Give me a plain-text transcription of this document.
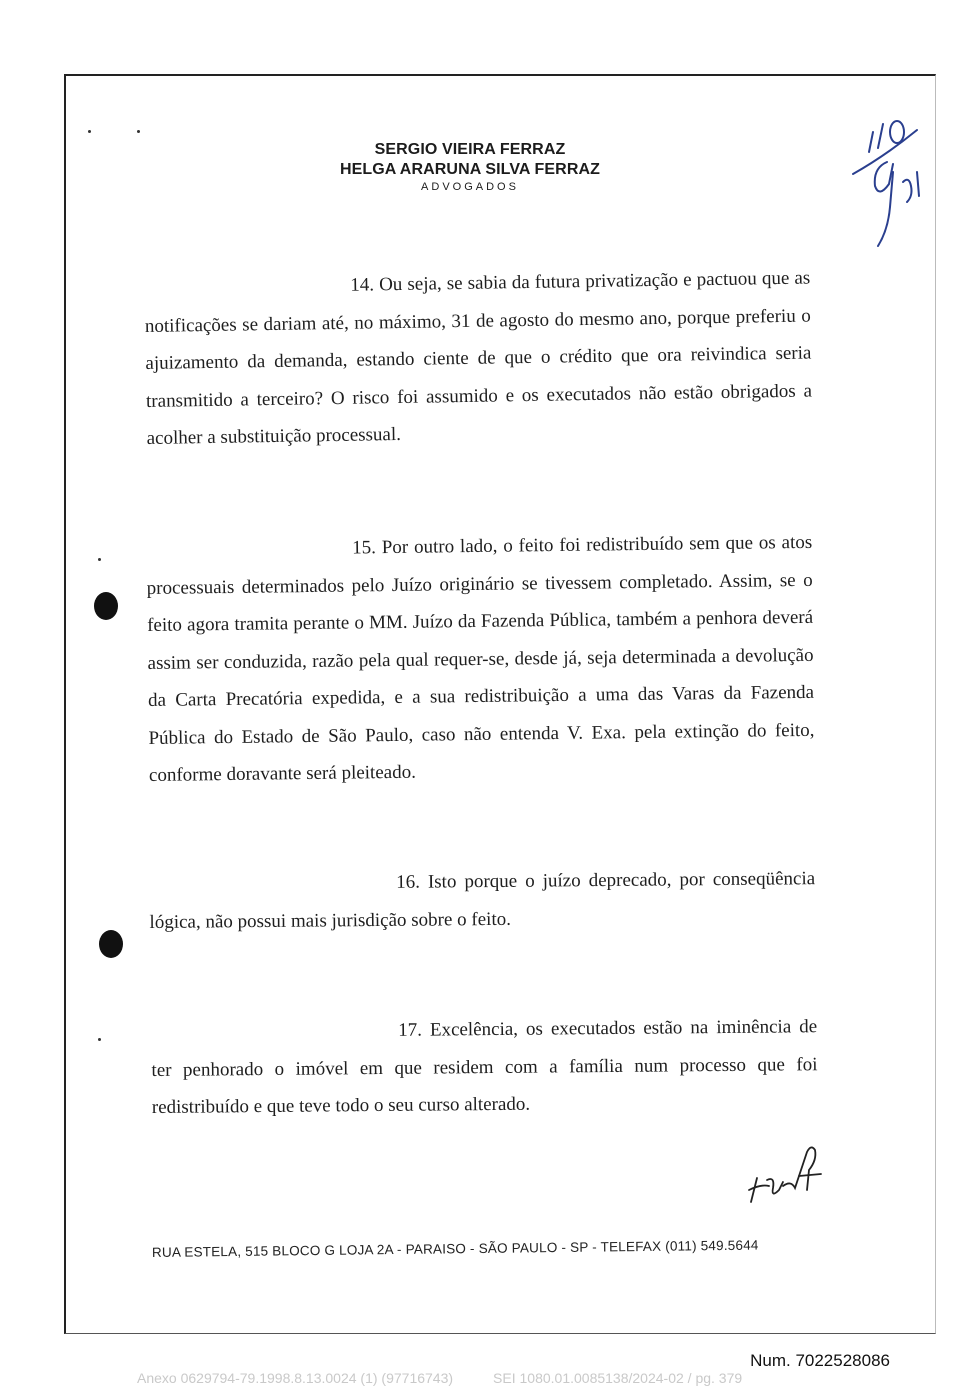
SERGIO VIEIRA FERRAZ
HELGA ARARUNA SILVA FERRAZ
ADVOGADOS
14. Ou seja, se sabia da futura privatização e pactuou que as notificações se dariam até, no máximo, 31 de agosto do mesmo ano, porque preferiu o ajuizamento da demanda, estando ciente de que o crédito que ora reivindica seria transmitido a terceiro? O risco foi assumido e os executados não estão obrigados a acolher a substituição processual.
15. Por outro lado, o feito foi redistribuído sem que os atos processuais determinados pelo Juízo originário se tivessem completado. Assim, se o feito agora tramita perante o MM. Juízo da Fazenda Pública, também a penhora deverá assim ser conduzida, razão pela qual requer-se, desde já, seja determinada a devolução da Carta Precatória expedida, e a sua redistribuição a uma das Varas da Fazenda Pública do Estado de São Paulo, caso não entenda V. Exa. pela extinção do feito, conforme doravante será pleiteado.
16. Isto porque o juízo deprecado, por conseqüência lógica, não possui mais jurisdição sobre o feito.
17. Excelência, os executados estão na iminência de ter penhorado o imóvel em que residem com a família num processo que foi redistribuído e que teve todo o seu curso alterado.
RUA ESTELA, 515 BLOCO G LOJA 2A - PARAISO - SÃO PAULO - SP - TELEFAX (011) 549.5644
Num. 7022528086
Anexo 0629794-79.1998.8.13.0024 (1) (97716743)	SEI 1080.01.0085138/2024-02 / pg. 379
